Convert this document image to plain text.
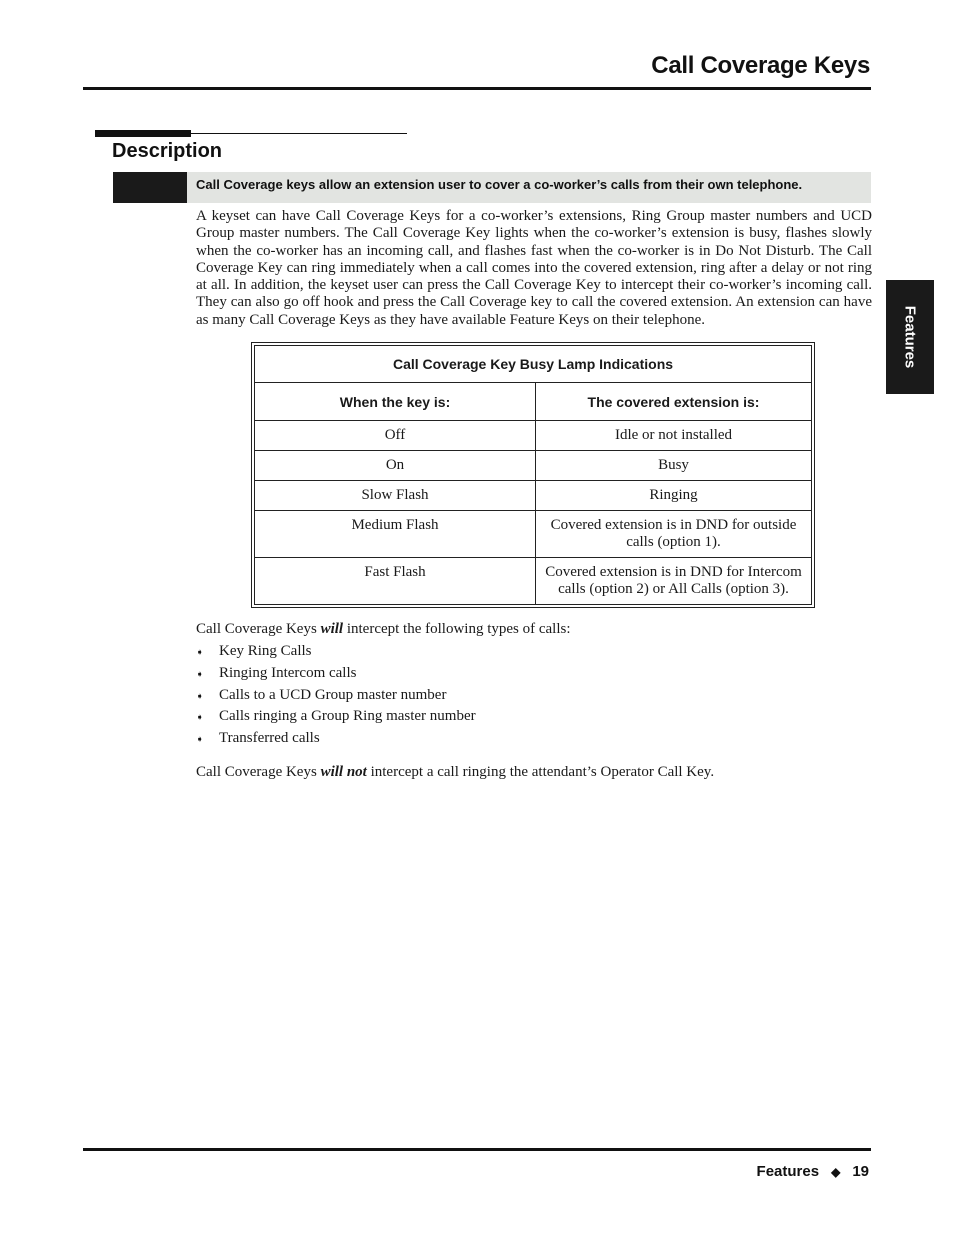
Call Coverage Keys
Description
Call Coverage keys allow an extension user to cover a co-worker’s calls from their own telephone.
A keyset can have Call Coverage Keys for a co-worker’s extensions, Ring Group master numbers and UCD Group master numbers. The Call Coverage Key lights when the co-worker’s extension is busy, flashes slowly when the co-worker has an incoming call, and flashes fast when the co-worker is in Do Not Disturb. The Call Coverage Key can ring immediately when a call comes into the covered extension, ring after a delay or not ring at all. In addition, the keyset user can press the Call Coverage Key to intercept their co-worker’s incoming call. They can also go off hook and press the Call Coverage key to call the covered extension. An extension can have as many Call Coverage Keys as they have available Feature Keys on their telephone.
Call Coverage Key Busy Lamp Indications	
When the key is:	The covered extension is:
Off	Idle or not installed
On	Busy
Slow Flash	Ringing
Medium Flash	Covered extension is in DND for outside calls (option 1).
Fast Flash	Covered extension is in DND for Intercom calls (option 2) or All Calls (option 3).
Call Coverage Keys will intercept the following types of calls:
➧	Key Ring Calls
➧	Ringing Intercom calls
➧	Calls to a UCD Group master number
➧	Calls ringing a Group Ring master number
➧	Transferred calls
Call Coverage Keys will not intercept a call ringing the attendant’s Operator Call Key.
Features
Features ◆ 19
